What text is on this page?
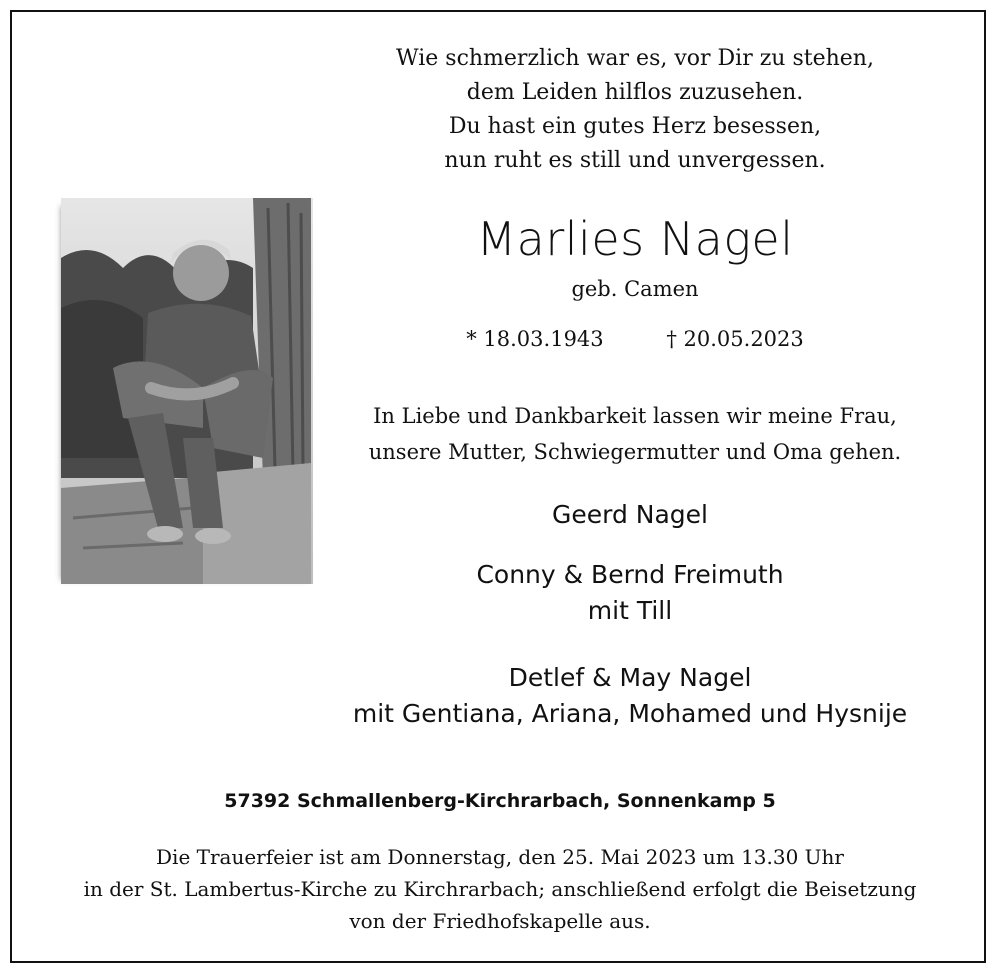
Wie schmerzlich war es, vor Dir zu stehen,
dem Leiden hilflos zuzusehen.
Du hast ein gutes Herz besessen,
nun ruht es still und unvergessen.
Marlies Nagel
geb. Camen
* 18.03.1943	† 20.05.2023
In Liebe und Dankbarkeit lassen wir meine Frau,
unsere Mutter, Schwiegermutter und Oma gehen.
Geerd Nagel
Conny & Bernd Freimuth
mit Till
Detlef & May Nagel
mit Gentiana, Ariana, Mohamed und Hysnije
57392 Schmallenberg-Kirchrarbach, Sonnenkamp 5
Die Trauerfeier ist am Donnerstag, den 25. Mai 2023 um 13.30 Uhr
in der St. Lambertus-Kirche zu Kirchrarbach; anschließend erfolgt die Beisetzung
von der Friedhofskapelle aus.
